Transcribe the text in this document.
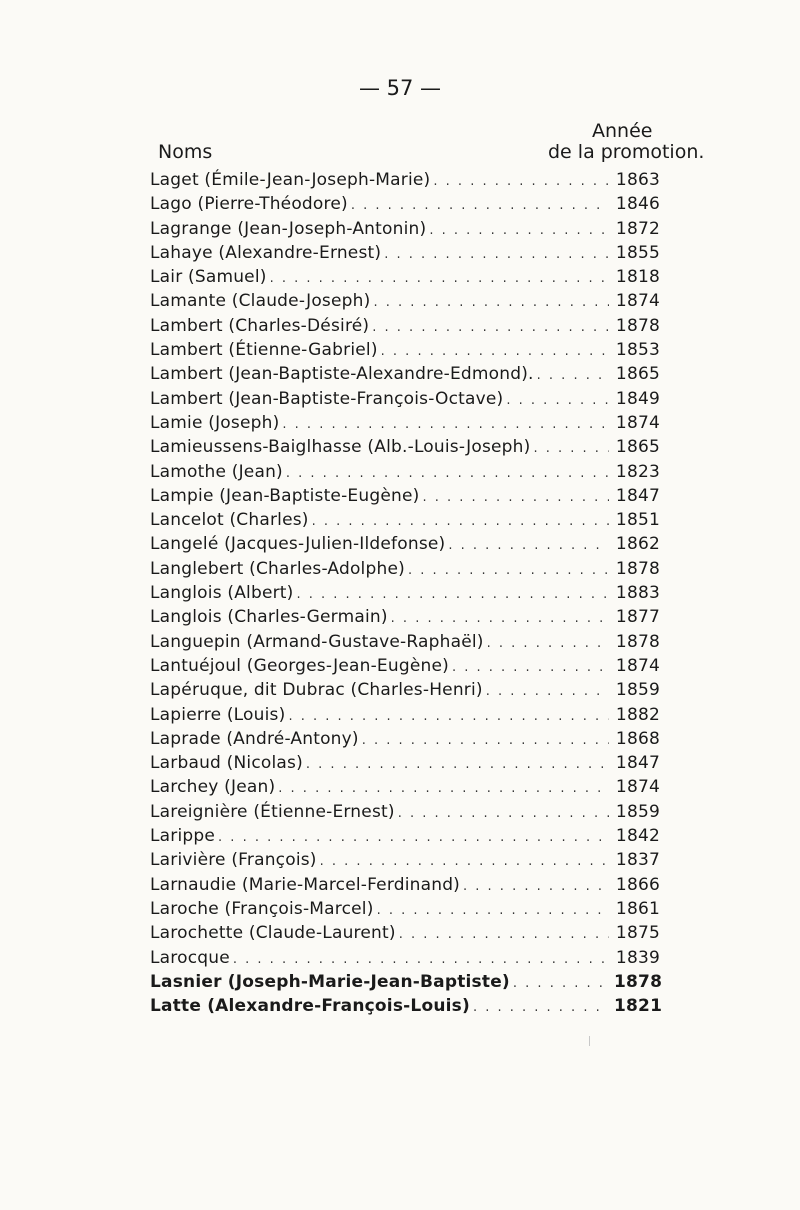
— 57 —
Année
Noms	de la promotion.
Laget (Émile-Jean-Joseph-Marie) . . .	1863
Lago (Pierre-Théodore) . . .	1846
Lagrange (Jean-Joseph-Antonin) . . .	1872
Lahaye (Alexandre-Ernest) . . .	1855
Lair (Samuel) . . .	1818
Lamante (Claude-Joseph) . . .	1874
Lambert (Charles-Désiré) . . .	1878
Lambert (Étienne-Gabriel) . . .	1853
Lambert (Jean-Baptiste-Alexandre-Edmond). . . .	1865
Lambert (Jean-Baptiste-François-Octave) . . .	1849
Lamie (Joseph) . . .	1874
Lamieussens-Baiglhasse (Alb.-Louis-Joseph) . . .	1865
Lamothe (Jean) . . .	1823
Lampie (Jean-Baptiste-Eugène) . . .	1847
Lancelot (Charles) . . .	1851
Langelé (Jacques-Julien-Ildefonse) . . .	1862
Langlebert (Charles-Adolphe) . . .	1878
Langlois (Albert) . . .	1883
Langlois (Charles-Germain) . . .	1877
Languepin (Armand-Gustave-Raphaël) . . .	1878
Lantuéjoul (Georges-Jean-Eugène) . . .	1874
Lapéruque, dit Dubrac (Charles-Henri) . . .	1859
Lapierre (Louis) . . .	1882
Laprade (André-Antony) . . .	1868
Larbaud (Nicolas) . . .	1847
Larchey (Jean) . . .	1874
Lareignière (Étienne-Ernest) . . .	1859
Larippe . . .	1842
Larivière (François) . . .	1837
Larnaudie (Marie-Marcel-Ferdinand) . . .	1866
Laroche (François-Marcel) . . .	1861
Larochette (Claude-Laurent) . . .	1875
Larocque . . .	1839
Lasnier (Joseph-Marie-Jean-Baptiste) . . .	1878
Latte (Alexandre-François-Louis) . . .	1821
